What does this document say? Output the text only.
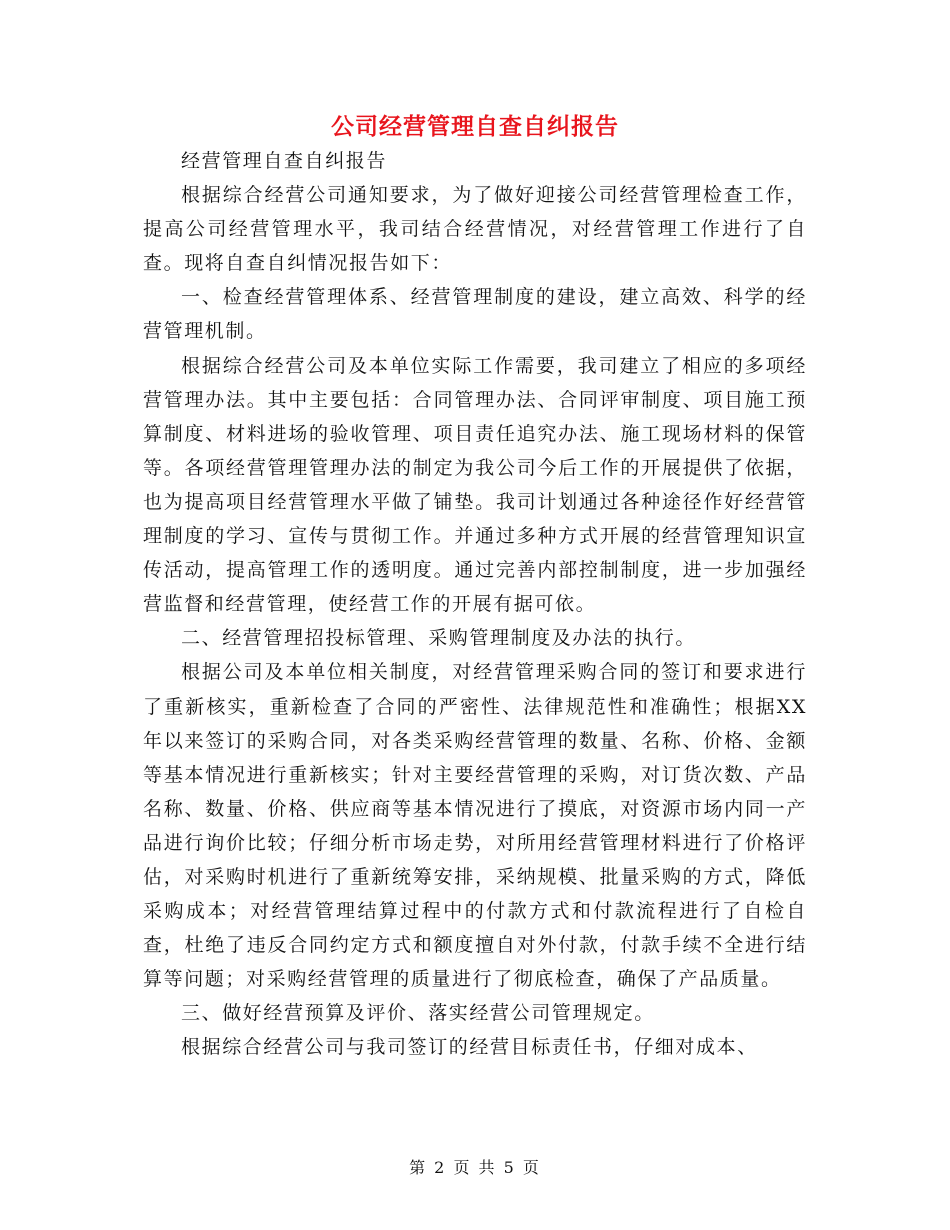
公司经营管理自查自纠报告

经营管理自查自纠报告

根据综合经营公司通知要求，为了做好迎接公司经营管理检查工作，提高公司经营管理水平，我司结合经营情况，对经营管理工作进行了自查。现将自查自纠情况报告如下：

一、检查经营管理体系、经营管理制度的建设，建立高效、科学的经营管理机制。

根据综合经营公司及本单位实际工作需要，我司建立了相应的多项经营管理办法。其中主要包括：合同管理办法、合同评审制度、项目施工预算制度、材料进场的验收管理、项目责任追究办法、施工现场材料的保管等。各项经营管理管理办法的制定为我公司今后工作的开展提供了依据，也为提高项目经营管理水平做了铺垫。我司计划通过各种途径作好经营管理制度的学习、宣传与贯彻工作。并通过多种方式开展的经营管理知识宣传活动，提高管理工作的透明度。通过完善内部控制制度，进一步加强经营监督和经营管理，使经营工作的开展有据可依。

二、经营管理招投标管理、采购管理制度及办法的执行。

根据公司及本单位相关制度，对经营管理采购合同的签订和要求进行了重新核实，重新检查了合同的严密性、法律规范性和准确性；根据XX年以来签订的采购合同，对各类采购经营管理的数量、名称、价格、金额等基本情况进行重新核实；针对主要经营管理的采购，对订货次数、产品名称、数量、价格、供应商等基本情况进行了摸底，对资源市场内同一产品进行询价比较；仔细分析市场走势，对所用经营管理材料进行了价格评估，对采购时机进行了重新统筹安排，采纳规模、批量采购的方式，降低采购成本；对经营管理结算过程中的付款方式和付款流程进行了自检自查，杜绝了违反合同约定方式和额度擅自对外付款，付款手续不全进行结算等问题；对采购经营管理的质量进行了彻底检查，确保了产品质量。

三、做好经营预算及评价、落实经营公司管理规定。

根据综合经营公司与我司签订的经营目标责任书，仔细对成本、

第 2 页 共 5 页
